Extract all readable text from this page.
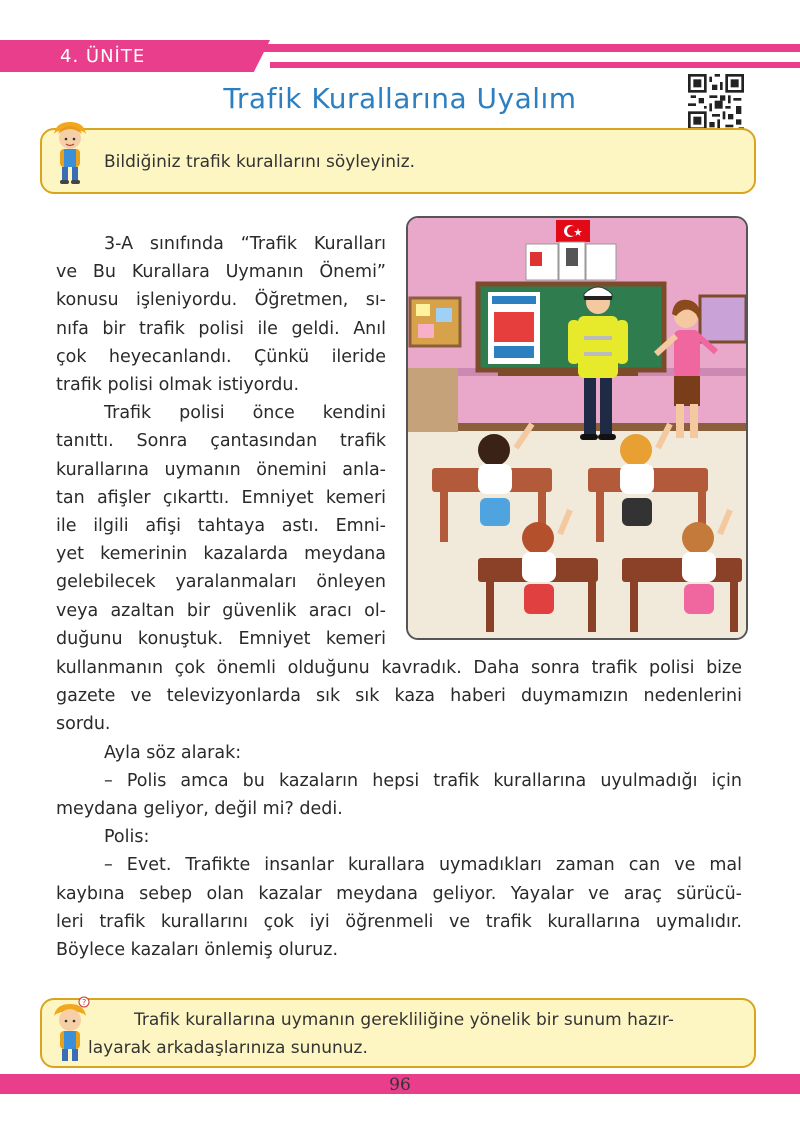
4. ÜNİTE
Trafik Kurallarına Uyalım
Bildiğiniz trafik kurallarını söyleyiniz.
3-A sınıfında “Trafik Kuralları
ve Bu Kurallara Uymanın Önemi”
konusu işleniyordu. Öğretmen, sı-
nıfa bir trafik polisi ile geldi. Anıl
çok heyecanlandı. Çünkü ileride
trafik polisi olmak istiyordu.
Trafik polisi önce kendini
tanıttı. Sonra çantasından trafik
kurallarına uymanın önemini anla-
tan afişler çıkarttı. Emniyet kemeri
ile ilgili afişi tahtaya astı. Emni-
yet kemerinin kazalarda meydana
gelebilecek yaralanmaları önleyen
veya azaltan bir güvenlik aracı ol-
duğunu konuştuk. Emniyet kemeri
kullanmanın çok önemli olduğunu kavradık. Daha sonra trafik polisi bize
gazete ve televizyonlarda sık sık kaza haberi duymamızın nedenlerini
sordu.
Ayla söz alarak:
– Polis amca bu kazaların hepsi trafik kurallarına uyulmadığı için
meydana geliyor, değil mi? dedi.
Polis:
– Evet. Trafikte insanlar kurallara uymadıkları zaman can ve mal
kaybına sebep olan kazalar meydana geliyor. Yayalar ve araç sürücü-
leri trafik kurallarını çok iyi öğrenmeli ve trafik kurallarına uymalıdır.
Böylece kazaları önlemiş oluruz.
?
Trafik kurallarına uymanın gerekliliğine yönelik bir sunum hazır- layarak arkadaşlarınıza sununuz.
96
